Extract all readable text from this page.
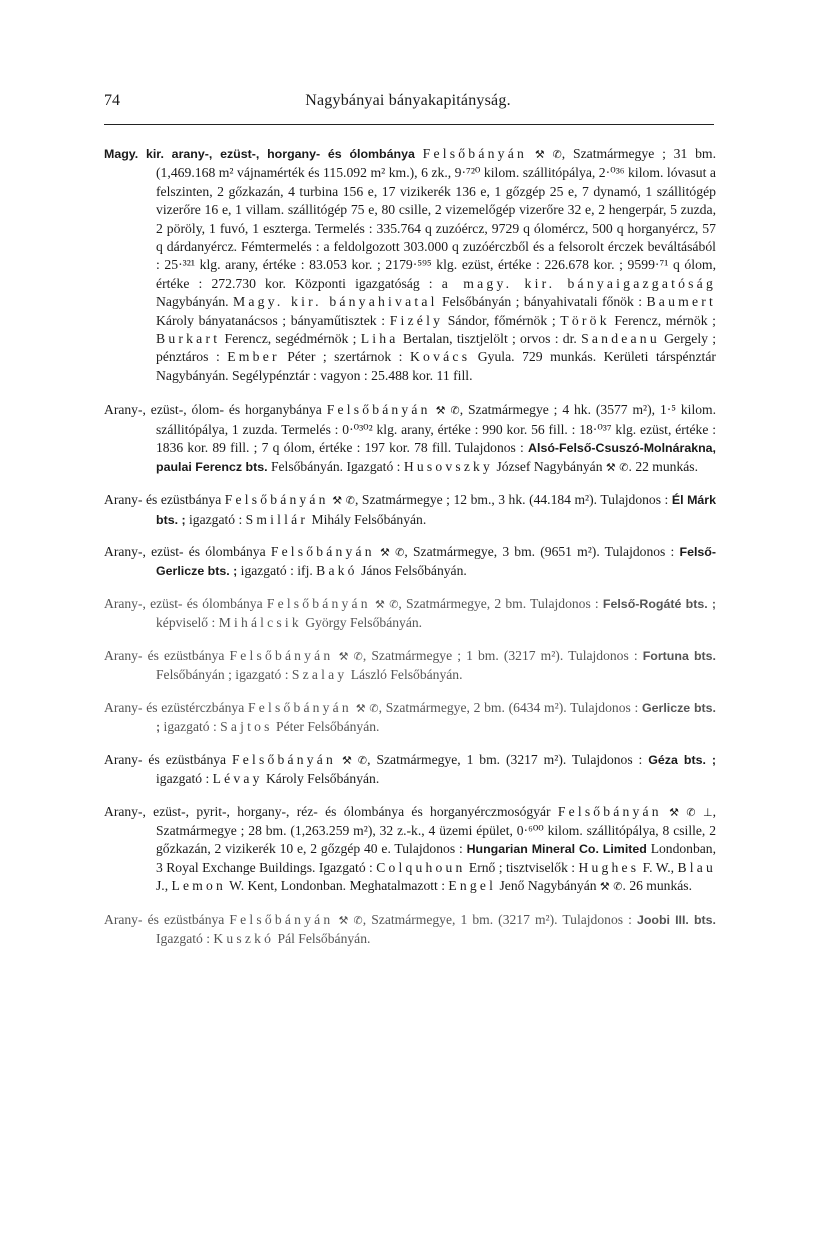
74	Nagybányai bányakapitányság.

Magy. kir. arany-, ezüst-, horgany- és ólombánya Felsőbányán ⚒ ✆, Szatmármegye ; 31 bm. (1,469.168 m² vájnamérték és 115.092 m² km.), 6 zk., 9·⁷²⁰ kilom. szállitópálya, 2·⁰³⁶ kilom. lóvasut a felszinten, 2 gőzkazán, 4 turbina 156 e, 17 vizikerék 136 e, 1 gőzgép 25 e, 7 dynamó, 1 szállitógép vizerőre 16 e, 1 villam. szállitógép 75 e, 80 csille, 2 vizemelőgép vizerőre 32 e, 2 hengerpár, 5 zuzda, 2 pöröly, 1 fuvó, 1 eszterga. Termelés : 335.764 q zuzóércz, 9729 q ólomércz, 500 q horganyércz, 57 q dárdanyércz. Fémtermelés : a feldolgozott 303.000 q zuzóérczből és a felsorolt érczek beváltásából : 25·³²¹ klg. arany, értéke : 83.053 kor. ; 2179·⁵⁹⁵ klg. ezüst, értéke : 226.678 kor. ; 9599·⁷¹ q ólom, értéke : 272.730 kor. Központi igazgatóság : a magy. kir. bányaigazgatóság Nagybányán. Magy. kir. bányahivatal Felsőbányán ; bányahivatali főnök : Baumert Károly bányatanácsos ; bányaműtisztek : Fizély Sándor, főmérnök ; Török Ferencz, mérnök ; Burkart Ferencz, segédmérnök ; Liha Bertalan, tisztjelölt ; orvos : dr. Sandeanu Gergely ; pénztáros : Ember Péter ; szertárnok : Kovács Gyula. 729 munkás. Kerületi társpénztár Nagybányán. Segélypénztár : vagyon : 25.488 kor. 11 fill.

Arany-, ezüst-, ólom- és horganybánya Felsőbányán ⚒ ✆, Szatmármegye ; 4 hk. (3577 m²), 1·⁵ kilom. szállitópálya, 1 zuzda. Termelés : 0·⁰³⁰² klg. arany, értéke : 990 kor. 56 fill. : 18·⁰³⁷ klg. ezüst, értéke : 1836 kor. 89 fill. ; 7 q ólom, értéke : 197 kor. 78 fill. Tulajdonos : Alsó-Felső-Csuszó-Molnáraknа, paulai Ferencz bts. Felsőbányán. Igazgató : Husovszky József Nagybányán ⚒ ✆. 22 munkás.

Arany- és ezüstbánya Felsőbányán ⚒ ✆, Szatmármegye ; 12 bm., 3 hk. (44.184 m²). Tulajdonos : Él Márk bts. ; igazgató : Smillár Mihály Felsőbányán.

Arany-, ezüst- és ólombánya Felsőbányán ⚒ ✆, Szatmármegye, 3 bm. (9651 m²). Tulajdonos : Felső-Gerlicze bts. ; igazgató : ifj. Bakó János Felsőbányán.

Arany-, ezüst- és ólombánya Felsőbányán ⚒ ✆, Szatmármegye, 2 bm. Tulajdonos : Felső-Rogáté bts. ; képviselő : Mihálcsik György Felsőbányán.

Arany- és ezüstbánya Felsőbányán ⚒ ✆, Szatmármegye ; 1 bm. (3217 m²). Tulajdonos : Fortuna bts. Felsőbányán ; igazgató : Szalay László Felsőbányán.

Arany- és ezüstérczbánya Felsőbányán ⚒ ✆, Szatmármegye, 2 bm. (6434 m²). Tulajdonos : Gerlicze bts. ; igazgató : Sajtos Péter Felsőbányán.

Arany- és ezüstbánya Felsőbányán ⚒ ✆, Szatmármegye, 1 bm. (3217 m²). Tulajdonos : Géza bts. ; igazgató : Lévay Károly Felsőbányán.

Arany-, ezüst-, pyrit-, horgany-, réz- és ólombánya és horganyérczmosógyár Felsőbányán ⚒ ✆ ⊥, Szatmármegye ; 28 bm. (1,263.259 m²), 32 z.-k., 4 üzemi épület, 0·⁶⁰⁰ kilom. szállitópálya, 8 csille, 2 gőzkazán, 2 vizikerék 10 e, 2 gőzgép 40 e. Tulajdonos : Hungarian Mineral Co. Limited Londonban, 3 Royal Exchange Buildings. Igazgató : Colquhoun Ernő ; tisztviselők : Hughes F. W., Blau J., Lemon W. Kent, Londonban. Meghatalmazott : Engel Jenő Nagybányán ⚒ ✆. 26 munkás.

Arany- és ezüstbánya Felsőbányán ⚒ ✆, Szatmármegye, 1 bm. (3217 m²). Tulajdonos : Joobi III. bts. Igazgató : Kuszkó Pál Felsőbányán.
